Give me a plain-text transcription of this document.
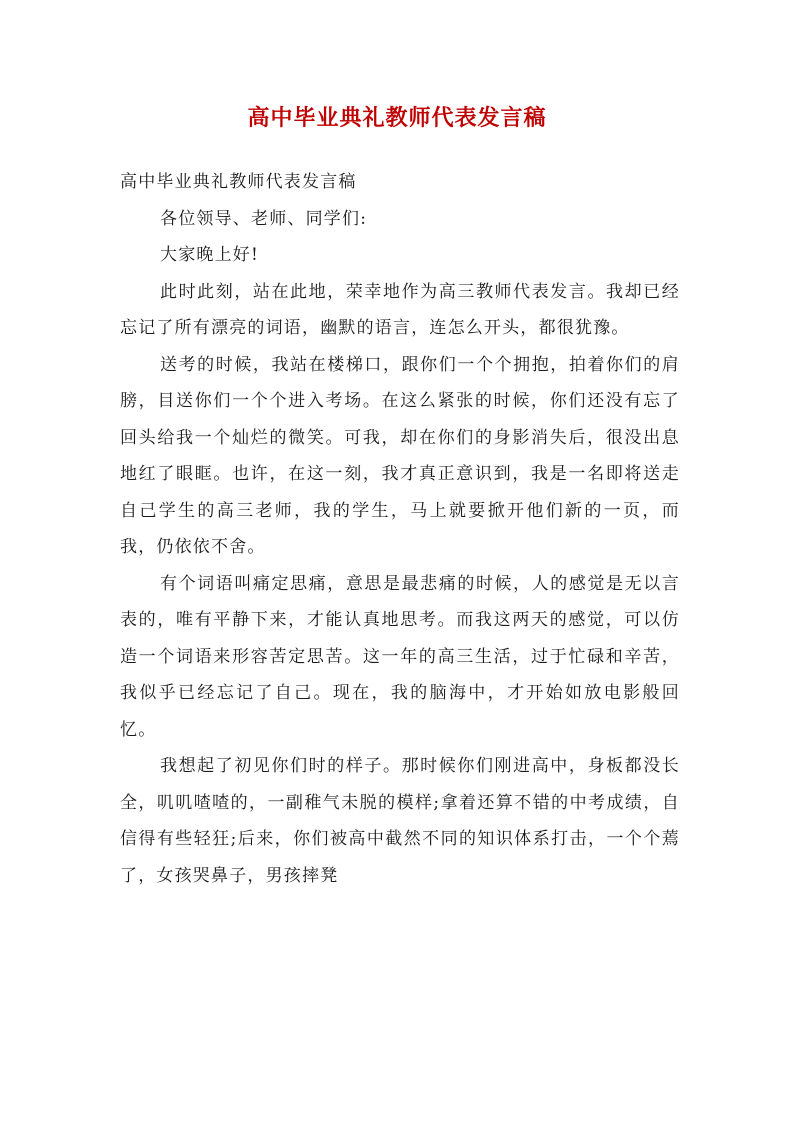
高中毕业典礼教师代表发言稿

高中毕业典礼教师代表发言稿

各位领导、老师、同学们:

大家晚上好!

此时此刻，站在此地，荣幸地作为高三教师代表发言。我却已经忘记了所有漂亮的词语，幽默的语言，连怎么开头，都很犹豫。

送考的时候，我站在楼梯口，跟你们一个个拥抱，拍着你们的肩膀，目送你们一个个进入考场。在这么紧张的时候，你们还没有忘了回头给我一个灿烂的微笑。可我，却在你们的身影消失后，很没出息地红了眼眶。也许，在这一刻，我才真正意识到，我是一名即将送走自己学生的高三老师，我的学生，马上就要掀开他们新的一页，而我，仍依依不舍。

有个词语叫痛定思痛，意思是最悲痛的时候，人的感觉是无以言表的，唯有平静下来，才能认真地思考。而我这两天的感觉，可以仿造一个词语来形容苦定思苦。这一年的高三生活，过于忙碌和辛苦，我似乎已经忘记了自己。现在，我的脑海中，才开始如放电影般回忆。

我想起了初见你们时的样子。那时候你们刚进高中，身板都没长全，叽叽喳喳的，一副稚气未脱的模样;拿着还算不错的中考成绩，自信得有些轻狂;后来，你们被高中截然不同的知识体系打击，一个个蔫了，女孩哭鼻子，男孩摔凳
